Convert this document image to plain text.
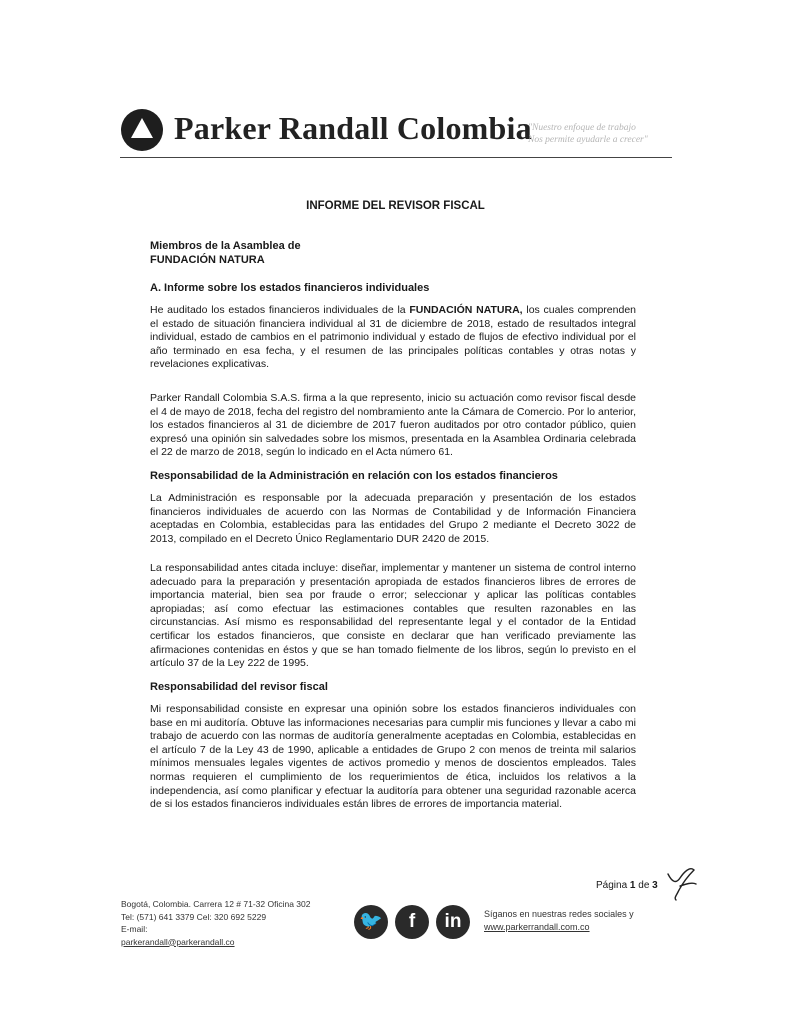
Parker Randall Colombia
"Nuestro enfoque de trabajo
Nos permite ayudarle a crecer"
INFORME DEL REVISOR FISCAL
Miembros de la Asamblea de
FUNDACIÓN NATURA
A. Informe sobre los estados financieros individuales

He auditado los estados financieros individuales de la FUNDACIÓN NATURA, los cuales comprenden el estado de situación financiera individual al 31 de diciembre de 2018, estado de resultados integral individual, estado de cambios en el patrimonio individual y estado de flujos de efectivo individual por el año terminado en esa fecha, y el resumen de las principales políticas contables y otras notas y revelaciones explicativas.

Parker Randall Colombia S.A.S. firma a la que represento, inicio su actuación como revisor fiscal desde el 4 de mayo de 2018, fecha del registro del nombramiento ante la Cámara de Comercio. Por lo anterior, los estados financieros al 31 de diciembre de 2017 fueron auditados por otro contador público, quien expresó una opinión sin salvedades sobre los mismos, presentada en la Asamblea Ordinaria celebrada el 22 de marzo de 2018, según lo indicado en el Acta número 61.

Responsabilidad de la Administración en relación con los estados financieros

La Administración es responsable por la adecuada preparación y presentación de los estados financieros individuales de acuerdo con las Normas de Contabilidad y de Información Financiera aceptadas en Colombia, establecidas para las entidades del Grupo 2 mediante el Decreto 3022 de 2013, compilado en el Decreto Único Reglamentario DUR 2420 de 2015.

La responsabilidad antes citada incluye: diseñar, implementar y mantener un sistema de control interno adecuado para la preparación y presentación apropiada de estados financieros libres de errores de importancia material, bien sea por fraude o error; seleccionar y aplicar las políticas contables apropiadas; así como efectuar las estimaciones contables que resulten razonables en las circunstancias. Así mismo es responsabilidad del representante legal y el contador de la Entidad certificar los estados financieros, que consiste en declarar que han verificado previamente las afirmaciones contenidas en éstos y que se han tomado fielmente de los libros, según lo previsto en el artículo 37 de la Ley 222 de 1995.

Responsabilidad del revisor fiscal

Mi responsabilidad consiste en expresar una opinión sobre los estados financieros individuales con base en mi auditoría. Obtuve las informaciones necesarias para cumplir mis funciones y llevar a cabo mi trabajo de acuerdo con las normas de auditoría generalmente aceptadas en Colombia, establecidas en el artículo 7 de la Ley 43 de 1990, aplicable a entidades de Grupo 2 con menos de treinta mil salarios mínimos mensuales legales vigentes de activos promedio y menos de doscientos empleados. Tales normas requieren el cumplimiento de los requerimientos de ética, incluidos los relativos a la independencia, así como planificar y efectuar la auditoría para obtener una seguridad razonable acerca de si los estados financieros individuales están libres de errores de importancia material.

Página 1 de 3
Bogotá, Colombia. Carrera 12 # 71-32 Oficina 302
Tel: (571) 641 3379 Cel: 320 692 5229
E-mail:
parkerandall@parkerandall.co
🐦	f	in	Síganos en nuestras redes sociales y
www.parkerrandall.com.co
